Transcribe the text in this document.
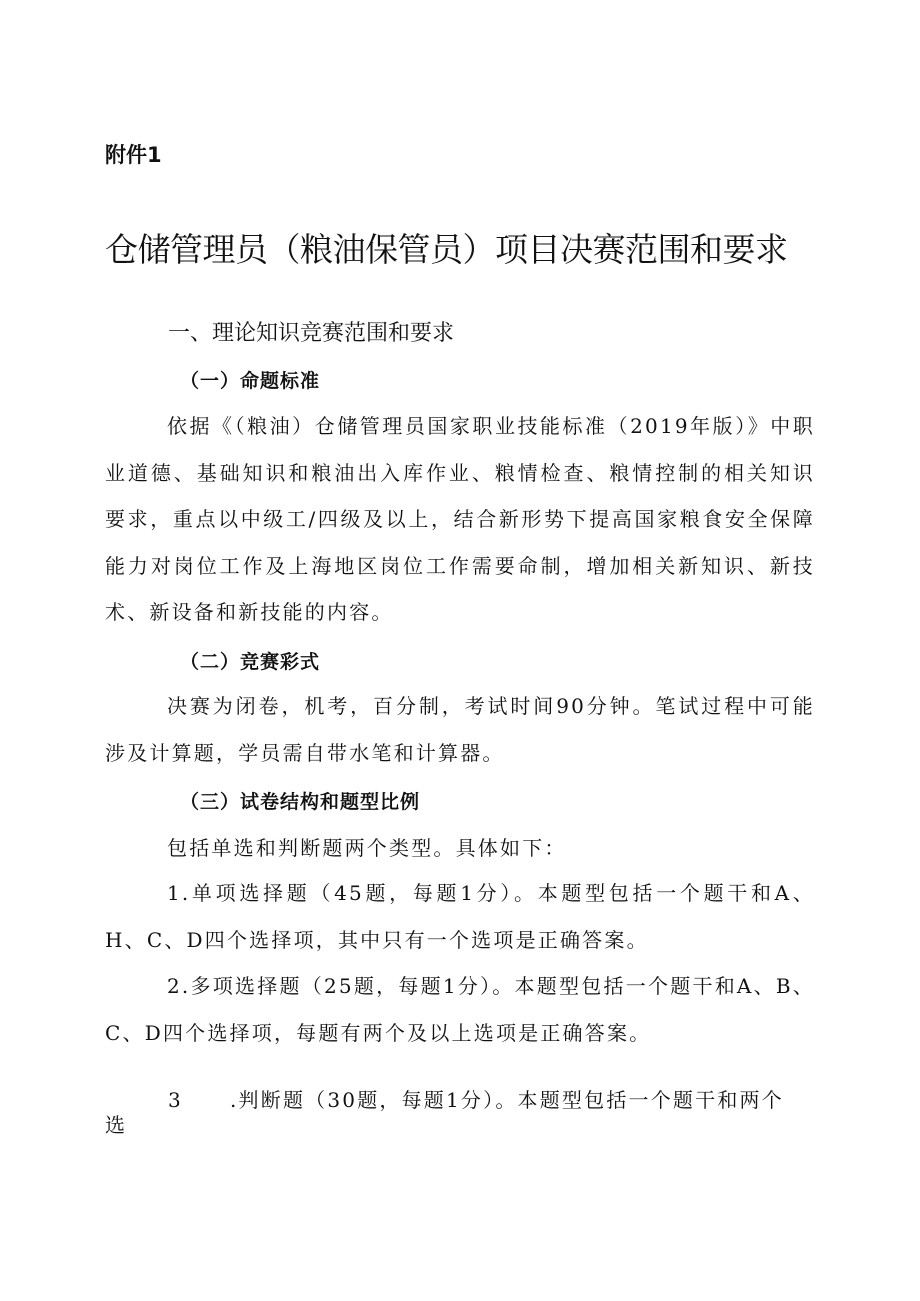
附件1
仓储管理员（粮油保管员）项目决赛范围和要求
一、理论知识竞赛范围和要求
（一）命题标准
依据《（粮油）仓储管理员国家职业技能标准（2019年版）》中职业道德、基础知识和粮油出入库作业、粮情检查、粮情控制的相关知识要求，重点以中级工/四级及以上，结合新形势下提高国家粮食安全保障能力对岗位工作及上海地区岗位工作需要命制，增加相关新知识、新技术、新设备和新技能的内容。
（二）竞赛彩式
决赛为闭卷，机考，百分制，考试时间90分钟。笔试过程中可能涉及计算题，学员需自带水笔和计算器。
（三）试卷结构和题型比例
包括单选和判断题两个类型。具体如下：
1.单项选择题（45题，每题1分）。本题型包括一个题干和A、H、C、D四个选择项，其中只有一个选项是正确答案。
2.多项选择题（25题，每题1分）。本题型包括一个题干和A、B、C、D四个选择项，每题有两个及以上选项是正确答案。
3 .判断题（30题，每题1分）。本题型包括一个题干和两个
选
